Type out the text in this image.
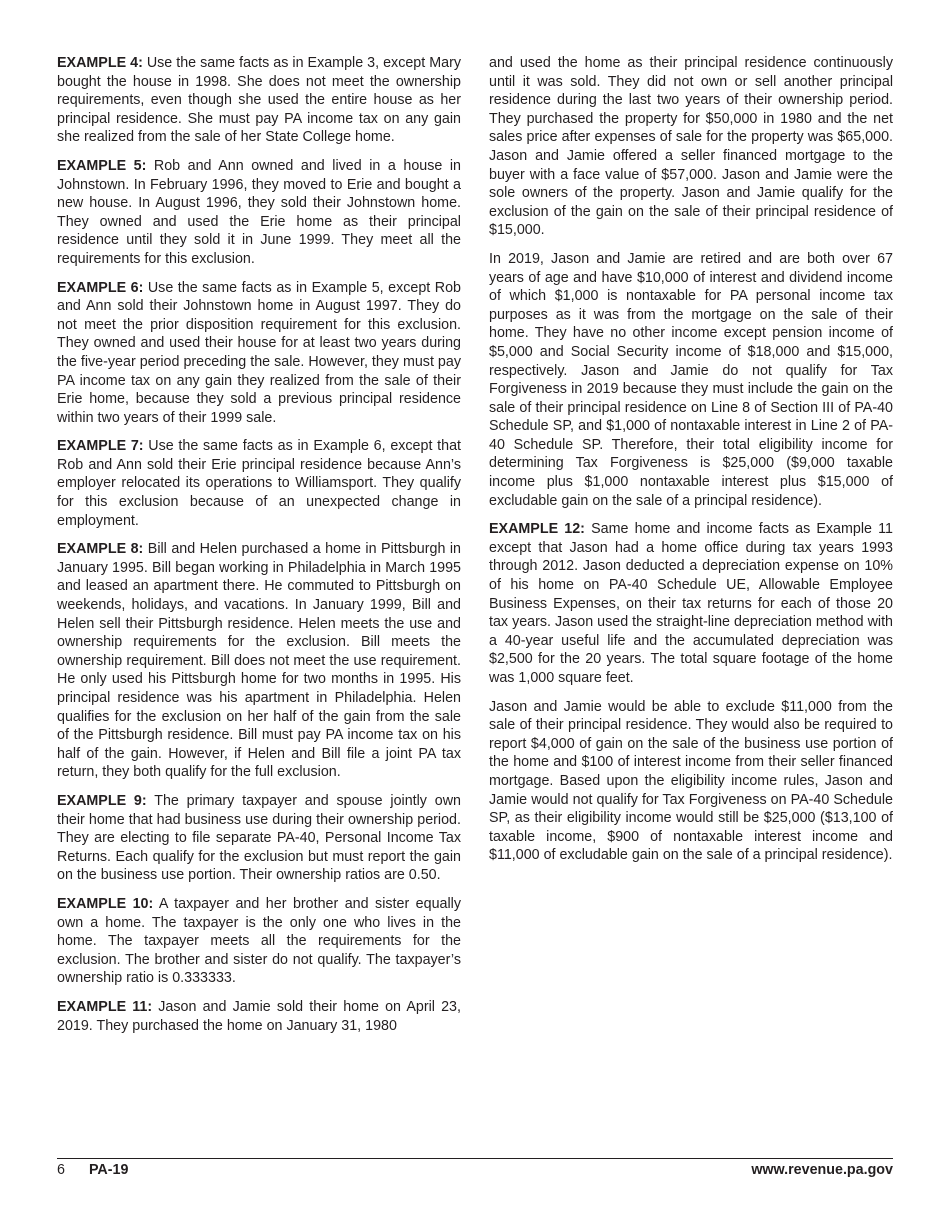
EXAMPLE 4: Use the same facts as in Example 3, except Mary bought the house in 1998. She does not meet the ownership requirements, even though she used the entire house as her principal residence. She must pay PA income tax on any gain she realized from the sale of her State College home.

EXAMPLE 5: Rob and Ann owned and lived in a house in Johnstown. In February 1996, they moved to Erie and bought a new house. In August 1996, they sold their Johnstown home. They owned and used the Erie home as their principal residence until they sold it in June 1999. They meet all the requirements for this exclusion.

EXAMPLE 6: Use the same facts as in Example 5, except Rob and Ann sold their Johnstown home in August 1997. They do not meet the prior disposition requirement for this exclusion. They owned and used their house for at least two years during the five-year period preceding the sale. However, they must pay PA income tax on any gain they realized from the sale of their Erie home, because they sold a previous principal residence within two years of their 1999 sale.

EXAMPLE 7: Use the same facts as in Example 6, except that Rob and Ann sold their Erie principal residence because Ann’s employer relocated its operations to Williamsport. They qualify for this exclusion because of an unexpected change in employment.

EXAMPLE 8: Bill and Helen purchased a home in Pittsburgh in January 1995. Bill began working in Philadelphia in March 1995 and leased an apartment there. He commuted to Pittsburgh on weekends, holidays, and vacations. In January 1999, Bill and Helen sell their Pittsburgh residence. Helen meets the use and ownership requirements for the exclusion. Bill meets the ownership requirement. Bill does not meet the use requirement. He only used his Pittsburgh home for two months in 1995. His principal residence was his apartment in Philadelphia. Helen qualifies for the exclusion on her half of the gain from the sale of the Pittsburgh residence. Bill must pay PA income tax on his half of the gain. However, if Helen and Bill file a joint PA tax return, they both qualify for the full exclusion.

EXAMPLE 9: The primary taxpayer and spouse jointly own their home that had business use during their ownership period. They are electing to file separate PA-40, Personal Income Tax Returns. Each qualify for the exclusion but must report the gain on the business use portion. Their ownership ratios are 0.50.

EXAMPLE 10: A taxpayer and her brother and sister equally own a home. The taxpayer is the only one who lives in the home. The taxpayer meets all the requirements for the exclusion. The brother and sister do not qualify. The taxpayer’s ownership ratio is 0.333333.

EXAMPLE 11: Jason and Jamie sold their home on April 23, 2019. They purchased the home on January 31, 1980

and used the home as their principal residence continuously until it was sold. They did not own or sell another principal residence during the last two years of their ownership period. They purchased the property for $50,000 in 1980 and the net sales price after expenses of sale for the property was $65,000. Jason and Jamie offered a seller financed mortgage to the buyer with a face value of $57,000. Jason and Jamie were the sole owners of the property. Jason and Jamie qualify for the exclusion of the gain on the sale of their principal residence of $15,000.

In 2019, Jason and Jamie are retired and are both over 67 years of age and have $10,000 of interest and dividend income of which $1,000 is nontaxable for PA personal income tax purposes as it was from the mortgage on the sale of their home. They have no other income except pension income of $5,000 and Social Security income of $18,000 and $15,000, respectively. Jason and Jamie do not qualify for Tax Forgiveness in 2019 because they must include the gain on the sale of their principal residence on Line 8 of Section III of PA-40 Schedule SP, and $1,000 of nontaxable interest in Line 2 of PA-40 Schedule SP. Therefore, their total eligibility income for determining Tax Forgiveness is $25,000 ($9,000 taxable income plus $1,000 nontaxable interest plus $15,000 of excludable gain on the sale of a principal residence).

EXAMPLE 12: Same home and income facts as Example 11 except that Jason had a home office during tax years 1993 through 2012. Jason deducted a depreciation expense on 10% of his home on PA-40 Schedule UE, Allowable Employee Business Expenses, on their tax returns for each of those 20 tax years. Jason used the straight-line depreciation method with a 40-year useful life and the accumulated depreciation was $2,500 for the 20 years. The total square footage of the home was 1,000 square feet.

Jason and Jamie would be able to exclude $11,000 from the sale of their principal residence. They would also be required to report $4,000 of gain on the sale of the business use portion of the home and $100 of interest income from their seller financed mortgage. Based upon the eligibility income rules, Jason and Jamie would not qualify for Tax Forgiveness on PA-40 Schedule SP, as their eligibility income would still be $25,000 ($13,100 of taxable income, $900 of nontaxable interest income and $11,000 of excludable gain on the sale of a principal residence).

6 PA-19	www.revenue.pa.gov
